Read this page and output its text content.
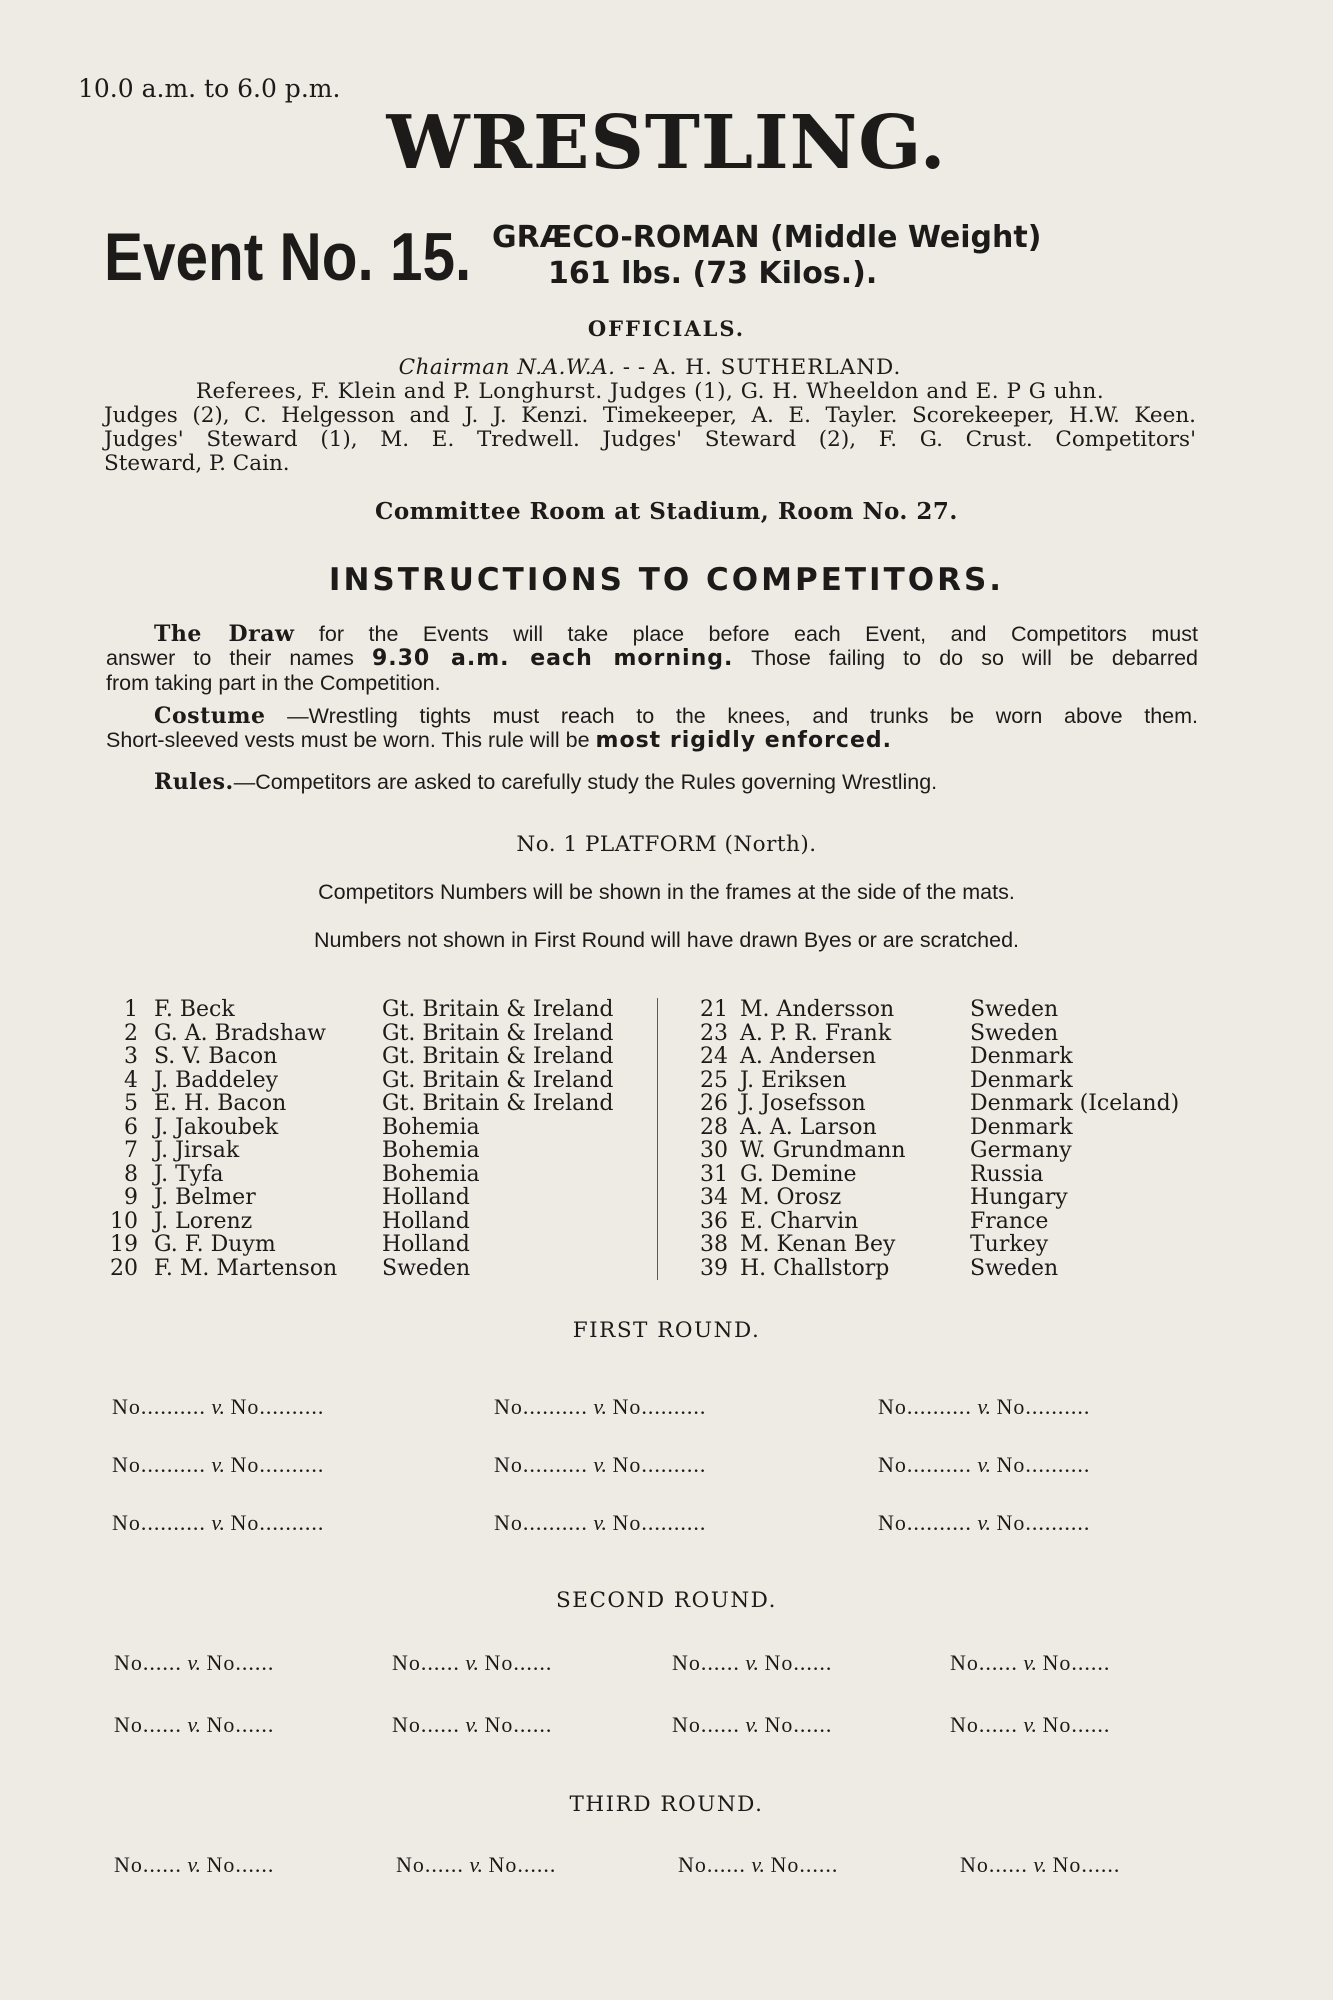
10.0 a.m. to 6.0 p.m.
WRESTLING.
Event No. 15. GRÆCO-ROMAN (Middle Weight)
161 lbs. (73 Kilos.).
OFFICIALS.

Chairman N.A.W.A. - - A. H. SUTHERLAND.

Referees, F. Klein and P. Longhurst. Judges (1), G. H. Wheeldon and E. P G uhn.

Judges (2), C. Helgesson and J. J. Kenzi. Timekeeper, A. E. Tayler. Scorekeeper, H.W. Keen.

Judges' Steward (1), M. E. Tredwell. Judges' Steward (2), F. G. Crust. Competitors'

Steward, P. Cain.

Committee Room at Stadium, Room No. 27.
INSTRUCTIONS TO COMPETITORS.

The Draw for the Events will take place before each Event, and Competitors must

answer to their names 9.30 a.m. each morning. Those failing to do so will be debarred

from taking part in the Competition.

Costume —Wrestling tights must reach to the knees, and trunks be worn above them.

Short-sleeved vests must be worn. This rule will be most rigidly enforced.

Rules.—Competitors are asked to carefully study the Rules governing Wrestling.

No. 1 PLATFORM (North).
Competitors Numbers will be shown in the frames at the side of the mats.
Numbers not shown in First Round will have drawn Byes or are scratched.
1 F. Beck	Gt. Britain & Ireland
2 G. A. Bradshaw	Gt. Britain & Ireland
3 S. V. Bacon	Gt. Britain & Ireland
4 J. Baddeley	Gt. Britain & Ireland
5 E. H. Bacon	Gt. Britain & Ireland
6 J. Jakoubek	Bohemia
7 J. Jirsak	Bohemia
8 J. Tyfa	Bohemia
9 J. Belmer	Holland
10 J. Lorenz	Holland
19 G. F. Duym	Holland
20 F. M. Martenson	Sweden
21 M. Andersson	Sweden
23 A. P. R. Frank	Sweden
24 A. Andersen	Denmark
25 J. Eriksen	Denmark
26 J. Josefsson	Denmark (Iceland)
28 A. A. Larson	Denmark
30 W. Grundmann	Germany
31 G. Demine	Russia
34 M. Orosz	Hungary
36 E. Charvin	France
38 M. Kenan Bey	Turkey
39 H. Challstorp	Sweden
FIRST ROUND.
No.......... v. No..........	No.......... v. No..........	No.......... v. No..........
No.......... v. No..........	No.......... v. No..........	No.......... v. No..........
No.......... v. No..........	No.......... v. No..........	No.......... v. No..........
SECOND ROUND.
No...... v. No......	No...... v. No......	No...... v. No......	No...... v. No......
No...... v. No......	No...... v. No......	No...... v. No......	No...... v. No......
THIRD ROUND.
No...... v. No......	No...... v. No......	No...... v. No......	No...... v. No......
